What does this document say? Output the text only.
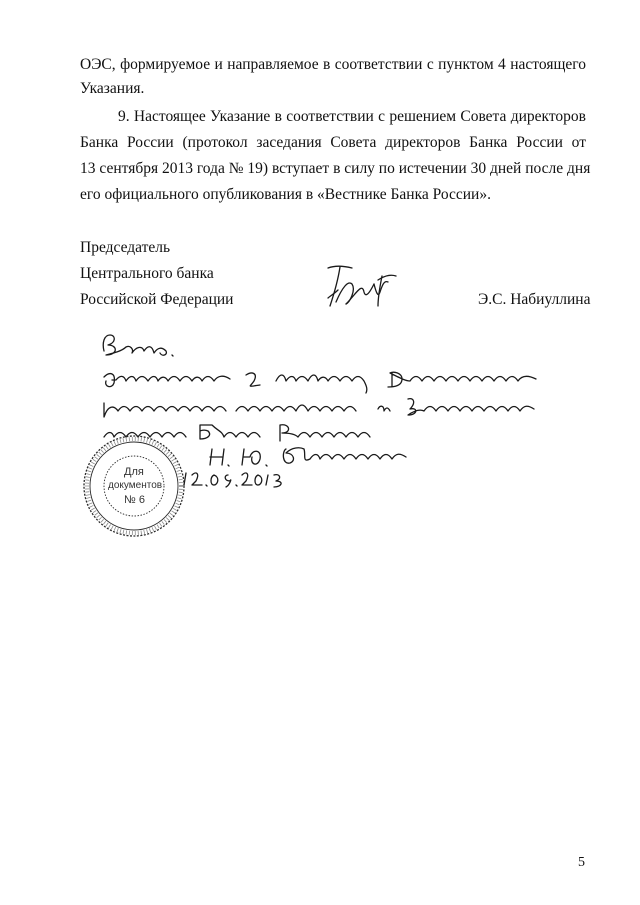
ОЭС, формируемое и направляемое в соответствии с пунктом 4 настоящего
Указания.
9. Настоящее Указание в соответствии с решением Совета директоров
Банка России (протокол заседания Совета директоров Банка России от
13 сентября 2013 года № 19) вступает в силу по истечении 30 дней после дня
его официального опубликования в «Вестнике Банка России».
Председатель
Центрального банка
Российской Федерации	Э.С. Набиуллина
Для
документов
№ 6
5
